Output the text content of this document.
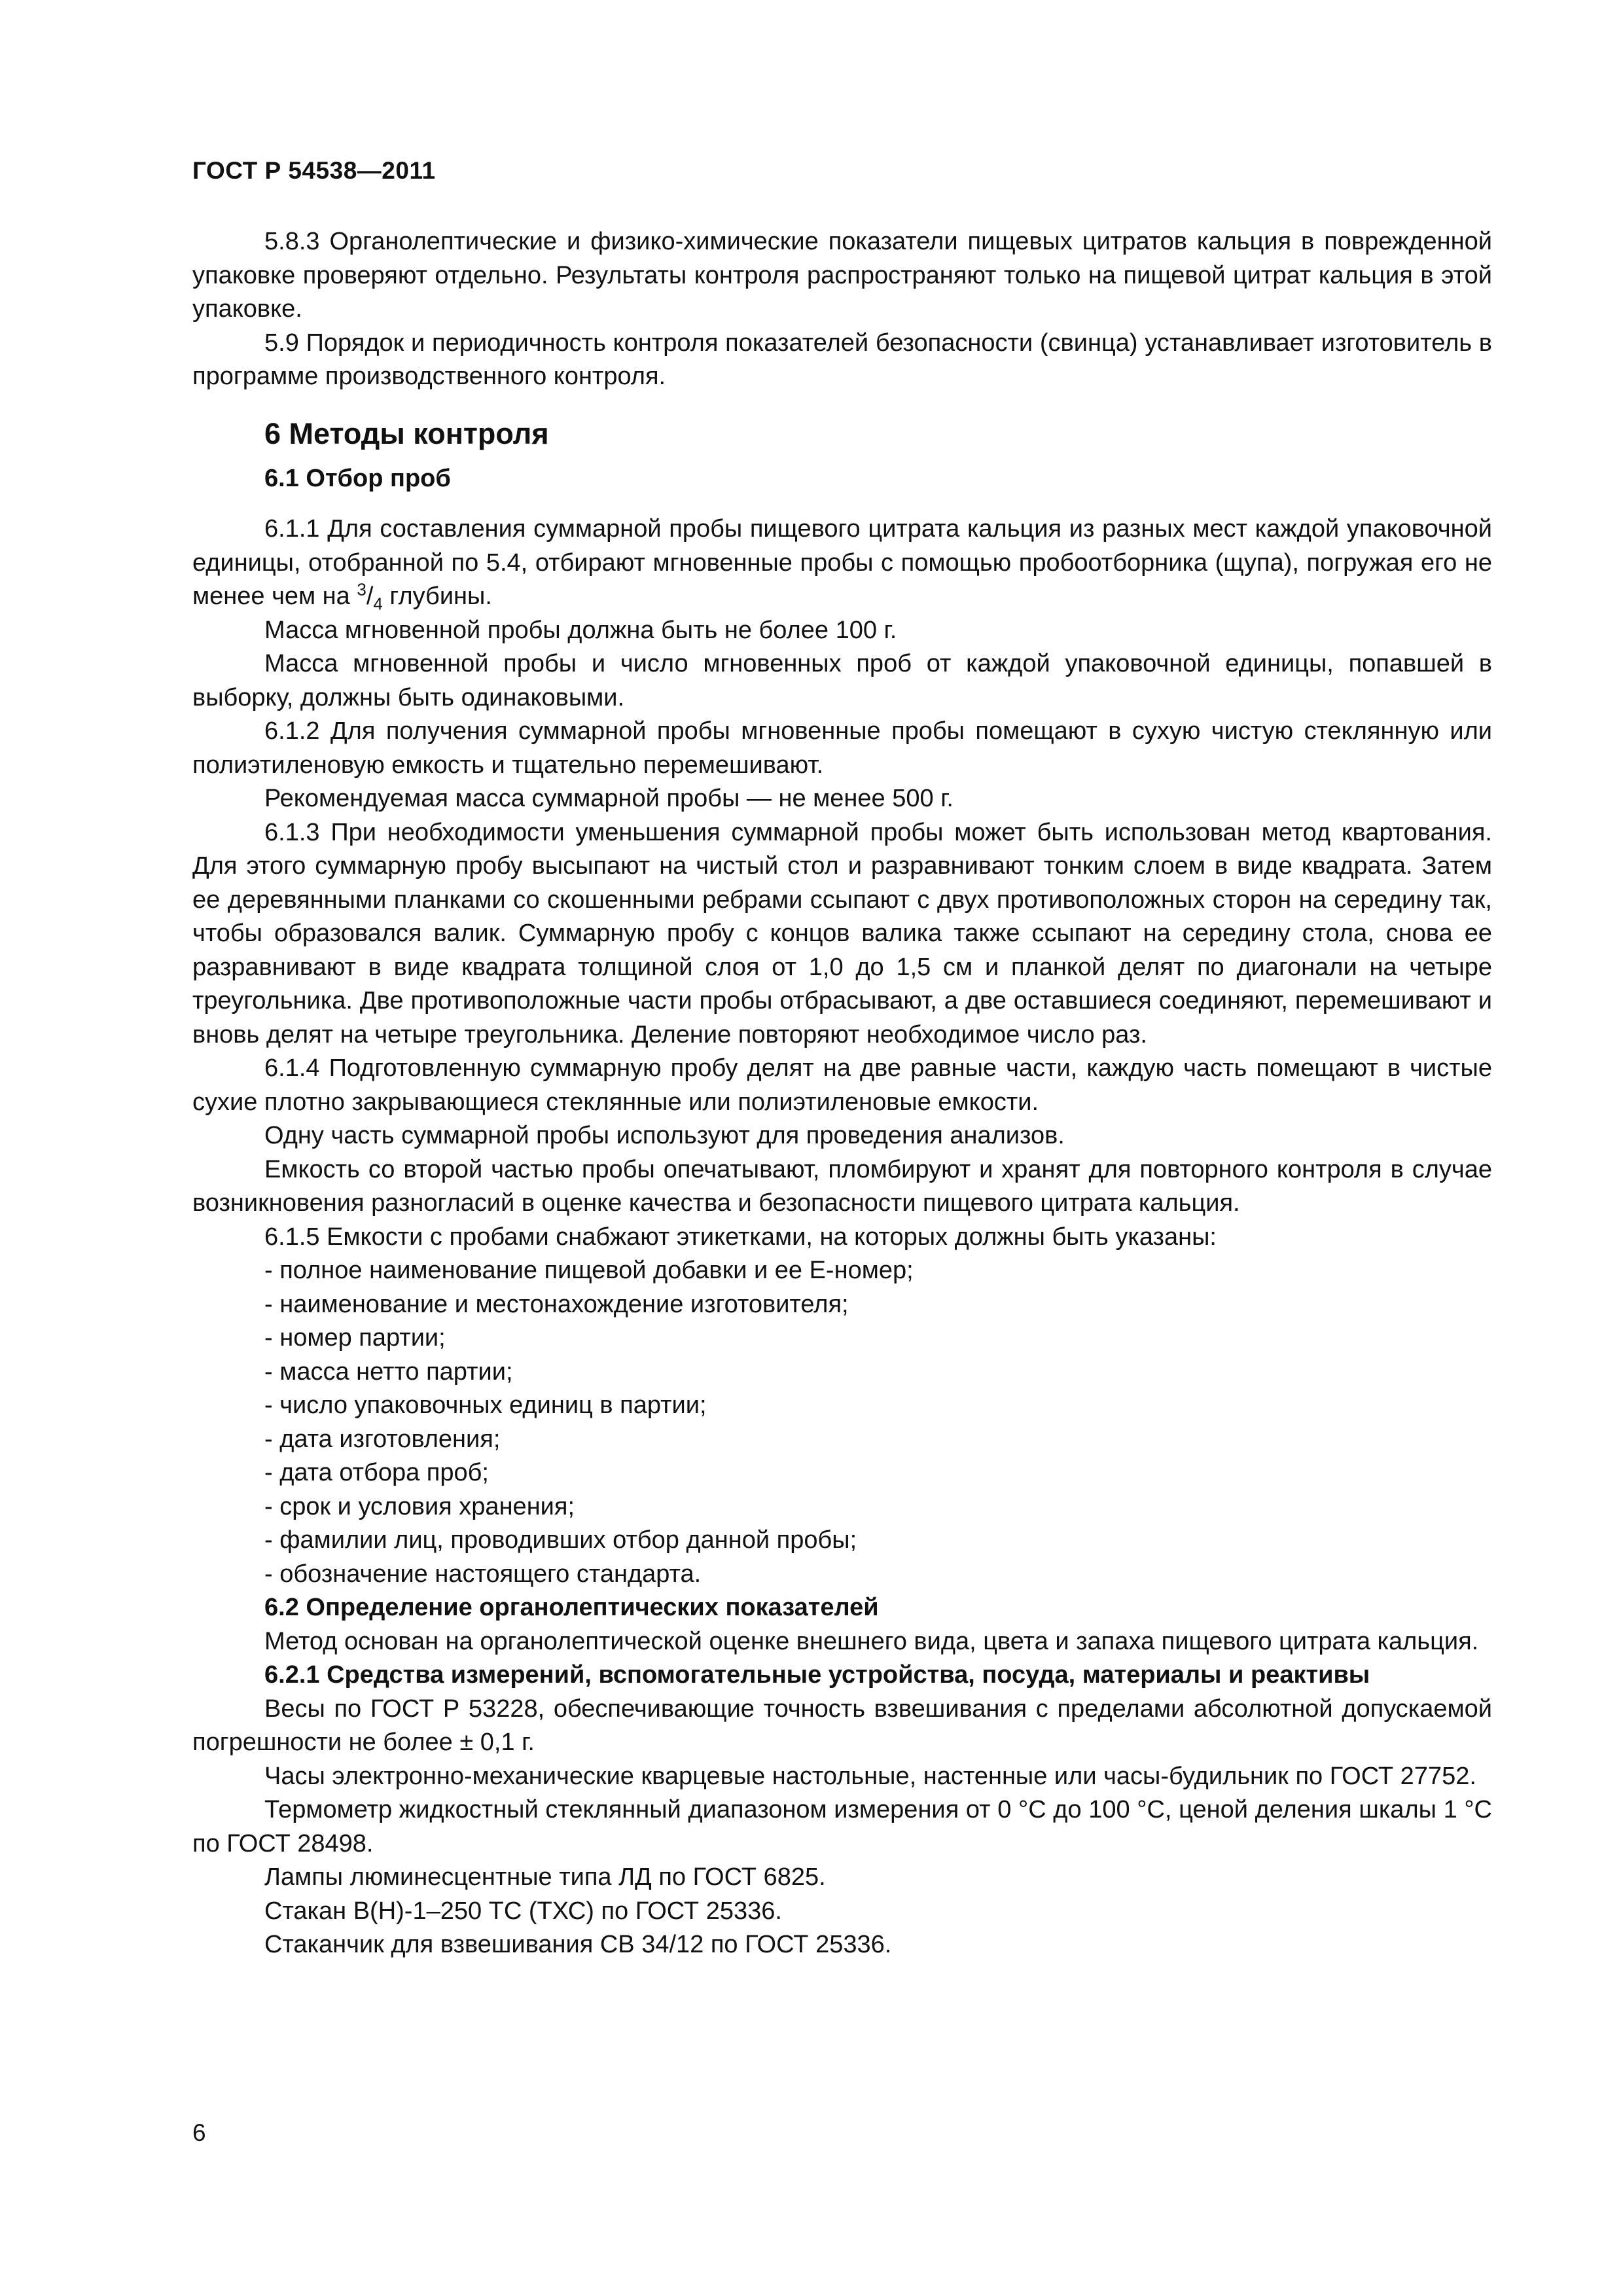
ГОСТ Р 54538—2011

5.8.3 Органолептические и физико-химические показатели пищевых цитратов кальция в поврежденной упаковке проверяют отдельно. Результаты контроля распространяют только на пищевой цитрат кальция в этой упаковке.

5.9 Порядок и периодичность контроля показателей безопасности (свинца) устанавливает изготовитель в программе производственного контроля.

6 Методы контроля
6.1 Отбор проб

6.1.1 Для составления суммарной пробы пищевого цитрата кальция из разных мест каждой упаковочной единицы, отобранной по 5.4, отбирают мгновенные пробы с помощью пробоотборника (щупа), погружая его не менее чем на $^3/_4$ глубины.

Масса мгновенной пробы должна быть не более 100 г.

Масса мгновенной пробы и число мгновенных проб от каждой упаковочной единицы, попавшей в выборку, должны быть одинаковыми.

6.1.2 Для получения суммарной пробы мгновенные пробы помещают в сухую чистую стеклянную или полиэтиленовую емкость и тщательно перемешивают.

Рекомендуемая масса суммарной пробы — не менее 500 г.

6.1.3 При необходимости уменьшения суммарной пробы может быть использован метод квартования. Для этого суммарную пробу высыпают на чистый стол и разравнивают тонким слоем в виде квадрата. Затем ее деревянными планками со скошенными ребрами ссыпают с двух противоположных сторон на середину так, чтобы образовался валик. Суммарную пробу с концов валика также ссыпают на середину стола, снова ее разравнивают в виде квадрата толщиной слоя от 1,0 до 1,5 см и планкой делят по диагонали на четыре треугольника. Две противоположные части пробы отбрасывают, а две оставшиеся соединяют, перемешивают и вновь делят на четыре треугольника. Деление повторяют необходимое число раз.

6.1.4 Подготовленную суммарную пробу делят на две равные части, каждую часть помещают в чистые сухие плотно закрывающиеся стеклянные или полиэтиленовые емкости.

Одну часть суммарной пробы используют для проведения анализов.

Емкость со второй частью пробы опечатывают, пломбируют и хранят для повторного контроля в случае возникновения разногласий в оценке качества и безопасности пищевого цитрата кальция.

6.1.5 Емкости с пробами снабжают этикетками, на которых должны быть указаны:

- полное наименование пищевой добавки и ее Е-номер;

- наименование и местонахождение изготовителя;

- номер партии;

- масса нетто партии;

- число упаковочных единиц в партии;

- дата изготовления;

- дата отбора проб;

- срок и условия хранения;

- фамилии лиц, проводивших отбор данной пробы;

- обозначение настоящего стандарта.

6.2 Определение органолептических показателей

Метод основан на органолептической оценке внешнего вида, цвета и запаха пищевого цитрата кальция.

6.2.1 Средства измерений, вспомогательные устройства, посуда, материалы и реактивы

Весы по ГОСТ Р 53228, обеспечивающие точность взвешивания с пределами абсолютной допускаемой погрешности не более ± 0,1 г.

Часы электронно-механические кварцевые настольные, настенные или часы-будильник по ГОСТ 27752.

Термометр жидкостный стеклянный диапазоном измерения от 0 °С до 100 °С, ценой деления шкалы 1 °С по ГОСТ 28498.

Лампы люминесцентные типа ЛД по ГОСТ 6825.

Стакан В(Н)-1–250 ТС (ТХС) по ГОСТ 25336.

Стаканчик для взвешивания СВ 34/12 по ГОСТ 25336.

6
